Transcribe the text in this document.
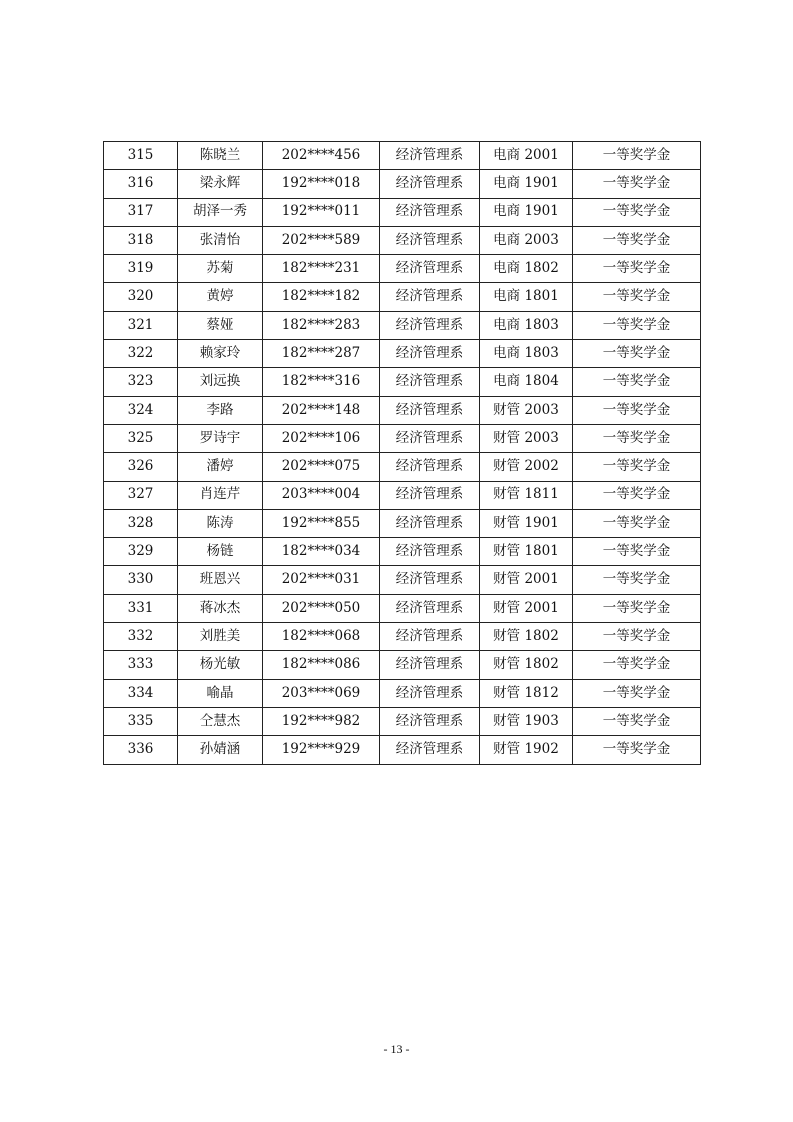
315	陈晓兰	202****456	经济管理系	电商 2001	一等奖学金
316	梁永辉	192****018	经济管理系	电商 1901	一等奖学金
317	胡泽一秀	192****011	经济管理系	电商 1901	一等奖学金
318	张清怡	202****589	经济管理系	电商 2003	一等奖学金
319	苏菊	182****231	经济管理系	电商 1802	一等奖学金
320	黄婷	182****182	经济管理系	电商 1801	一等奖学金
321	蔡娅	182****283	经济管理系	电商 1803	一等奖学金
322	赖家玲	182****287	经济管理系	电商 1803	一等奖学金
323	刘远换	182****316	经济管理系	电商 1804	一等奖学金
324	李路	202****148	经济管理系	财管 2003	一等奖学金
325	罗诗宇	202****106	经济管理系	财管 2003	一等奖学金
326	潘婷	202****075	经济管理系	财管 2002	一等奖学金
327	肖连芹	203****004	经济管理系	财管 1811	一等奖学金
328	陈涛	192****855	经济管理系	财管 1901	一等奖学金
329	杨链	182****034	经济管理系	财管 1801	一等奖学金
330	班恩兴	202****031	经济管理系	财管 2001	一等奖学金
331	蒋冰杰	202****050	经济管理系	财管 2001	一等奖学金
332	刘胜美	182****068	经济管理系	财管 1802	一等奖学金
333	杨光敏	182****086	经济管理系	财管 1802	一等奖学金
334	喻晶	203****069	经济管理系	财管 1812	一等奖学金
335	仝慧杰	192****982	经济管理系	财管 1903	一等奖学金
336	孙婧涵	192****929	经济管理系	财管 1902	一等奖学金
- 13 -
